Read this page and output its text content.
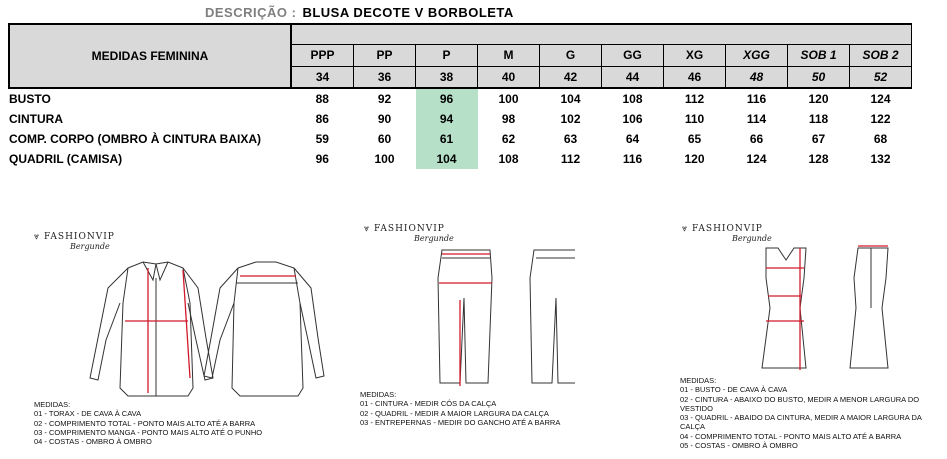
DESCRIÇÃO : BLUSA DECOTE V BORBOLETA
MEDIDAS FEMININA										
	PPP	PP	P	M	G	GG	XG	XGG	SOB 1	SOB 2
	34	36	38	40	42	44	46	48	50	52
BUSTO	88	92	96	100	104	108	112	116	120	124
CINTURA	86	90	94	98	102	106	110	114	118	122
COMP. CORPO (OMBRO À CINTURA BAIXA)	59	60	61	62	63	64	65	66	67	68
QUADRIL (CAMISA)	96	100	104	108	112	116	120	124	128	132
⩔ FASHIONVIP
Bergunde
MEDIDAS:
01 - TORAX - DE CAVA À CAVA
02 - COMPRIMENTO TOTAL - PONTO MAIS ALTO ATÉ A BARRA
03 - COMPRIMENTO MANGA - PONTO MAIS ALTO ATÉ O PUNHO
04 - COSTAS - OMBRO À OMBRO
⩔ FASHIONVIP
Bergunde
MEDIDAS:
01 - CINTURA - MEDIR CÓS DA CALÇA
02 - QUADRIL - MEDIR A MAIOR LARGURA DA CALÇA
03 - ENTREPERNAS - MEDIR DO GANCHO ATÉ A BARRA
⩔ FASHIONVIP
Bergunde
MEDIDAS:
01 - BUSTO - DE CAVA À CAVA
02 - CINTURA - ABAIXO DO BUSTO, MEDIR A MENOR LARGURA DO VESTIDO
03 - QUADRIL - ABAIDO DA CINTURA, MEDIR A MAIOR LARGURA DA CALÇA
04 - COMPRIMENTO TOTAL - PONTO MAIS ALTO ATÉ A BARRA
05 - COSTAS - OMBRO À OMBRO
